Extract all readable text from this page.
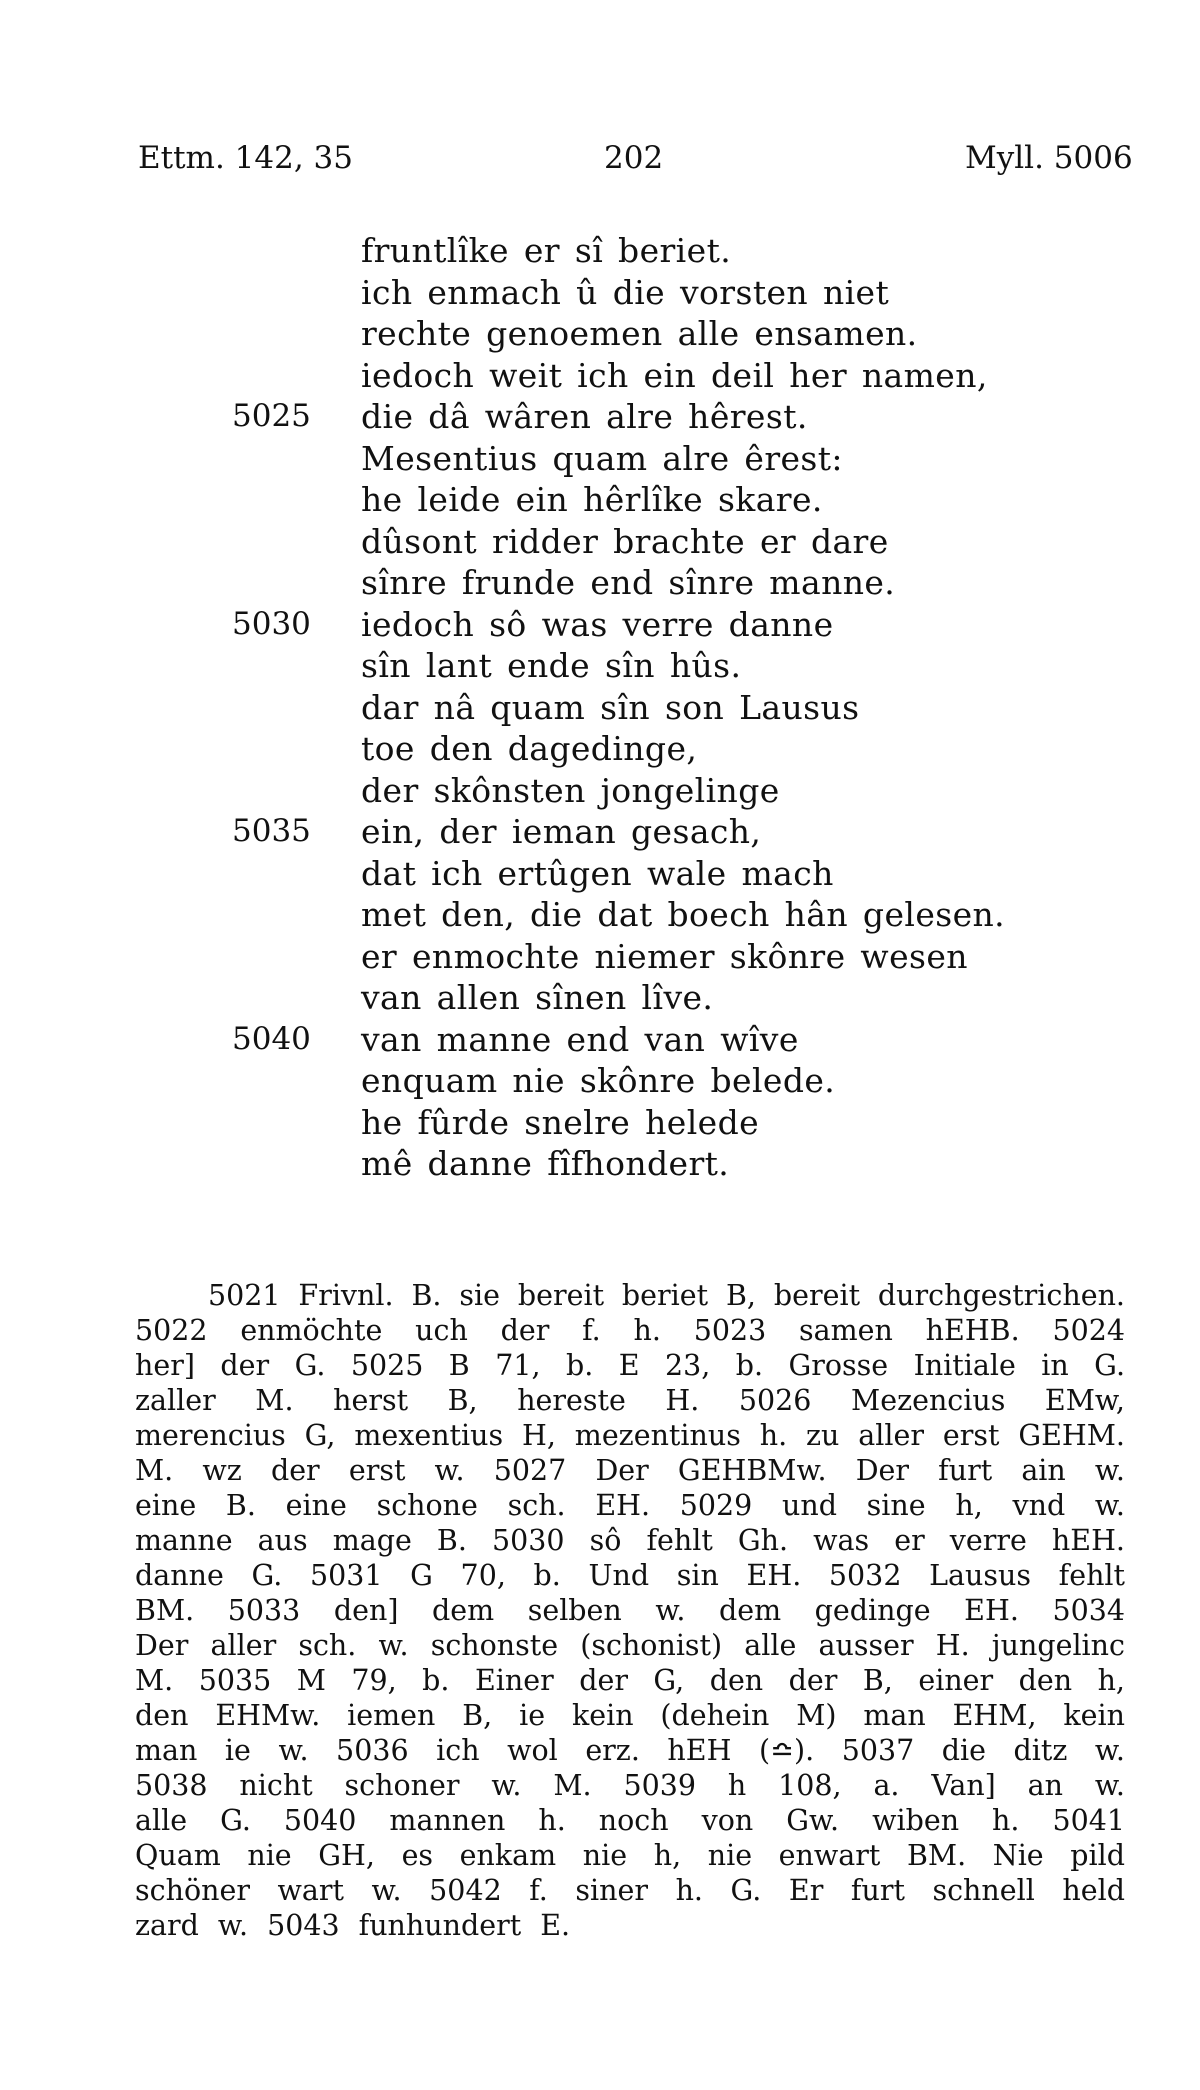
Ettm. 142, 35	202	Myll. 5006
fruntlîke er sî beriet.
ich enmach û die vorsten niet
rechte genoemen alle ensamen.
iedoch weit ich ein deil her namen,
5025 die dâ wâren alre hêrest.
Mesentius quam alre êrest:
he leide ein hêrlîke skare.
dûsont ridder brachte er dare
sînre frunde end sînre manne.
5030 iedoch sô was verre danne
sîn lant ende sîn hûs.
dar nâ quam sîn son Lausus
toe den dagedinge,
der skônsten jongelinge
5035 ein, der ieman gesach,
dat ich ertûgen wale mach
met den, die dat boech hân gelesen.
er enmochte niemer skônre wesen
van allen sînen lîve.
5040 van manne end van wîve
enquam nie skônre belede.
he fûrde snelre helede
mê danne fîfhondert.
5021 Frivnl. B. sie bereit beriet B, bereit durchgestrichen.
5022 enmöchte uch der f. h. 5023 samen hEHB. 5024
her] der G. 5025 B 71, b. E 23, b. Grosse Initiale in G.
zaller M. herst B, hereste H. 5026 Mezencius EMw,
merencius G, mexentius H, mezentinus h. zu aller erst GEHM.
M. wz der erst w. 5027 Der GEHBMw. Der furt ain w.
eine B. eine schone sch. EH. 5029 und sine h, vnd w.
manne aus mage B. 5030 sô fehlt Gh. was er verre hEH.
danne G. 5031 G 70, b. Und sin EH. 5032 Lausus fehlt
BM. 5033 den] dem selben w. dem gedinge EH. 5034
Der aller sch. w. schonste (schonist) alle ausser H. jungelinc
M. 5035 M 79, b. Einer der G, den der B, einer den h,
den EHMw. iemen B, ie kein (dehein M) man EHM, kein
man ie w. 5036 ich wol erz. hEH (≏). 5037 die ditz w.
5038 nicht schoner w. M. 5039 h 108, a. Van] an w.
alle G. 5040 mannen h. noch von Gw. wiben h. 5041
Quam nie GH, es enkam nie h, nie enwart BM. Nie pild
schöner wart w. 5042 f. siner h. G. Er furt schnell held
zard w. 5043 funhundert E.
